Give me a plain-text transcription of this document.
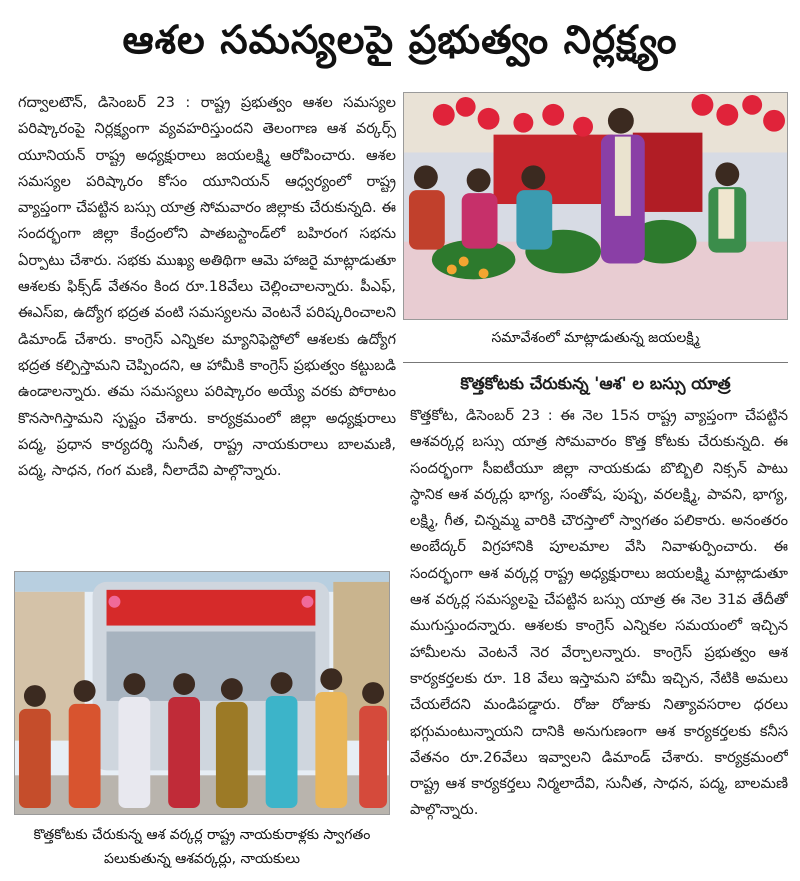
ఆశల సమస్యలపై ప్రభుత్వం నిర్లక్ష్యం
గద్వాలటౌన్, డిసెంబర్ 23 : రాష్ట్ర ప్రభుత్వం ఆశల సమస్యల పరిష్కారంపై నిర్లక్ష్యంగా వ్యవహరిస్తుందని తెలంగాణ ఆశ వర్కర్స్ యూనియన్ రాష్ట్ర అధ్యక్షురాలు జయలక్ష్మి ఆరోపించారు. ఆశల సమస్యల పరిష్కారం కోసం యూనియన్ ఆధ్వర్యంలో రాష్ట్ర వ్యాప్తంగా చేపట్టిన బస్సు యాత్ర సోమవారం జిల్లాకు చేరుకున్నది. ఈ సందర్భంగా జిల్లా కేంద్రంలోని పాతబస్టాండ్‌లో బహిరంగ సభను ఏర్పాటు చేశారు. సభకు ముఖ్య అతిథిగా ఆమె హాజరై మాట్లాడుతూ ఆశలకు ఫిక్స్‌డ్ వేతనం కింద రూ.18వేలు చెల్లించాలన్నారు. పీఎఫ్, ఈఎస్ఐ, ఉద్యోగ భద్రత వంటి సమస్యలను వెంటనే పరిష్కరించాలని డిమాండ్ చేశారు. కాంగ్రెస్ ఎన్నికల మ్యానిఫెస్టోలో ఆశలకు ఉద్యోగ భద్రత కల్పిస్తామని చెప్పిందని, ఆ హామీకి కాంగ్రెస్ ప్రభుత్వం కట్టుబడి ఉండాలన్నారు. తమ సమస్యలు పరిష్కారం అయ్యే వరకు పోరాటం కొనసాగిస్తామని స్పష్టం చేశారు. కార్యక్రమంలో జిల్లా అధ్యక్షురాలు పద్మ, ప్రధాన కార్యదర్శి సునీత, రాష్ట్ర నాయకురాలు బాలమణి, పద్మ, సాధన, గంగ మణి, నీలాదేవి పాల్గొన్నారు.
సమావేశంలో మాట్లాడుతున్న జయలక్ష్మి
కొత్తకోటకు చేరుకున్న 'ఆశ' ల బస్సు యాత్ర
కొత్తకోట, డిసెంబర్ 23 : ఈ నెల 15న రాష్ట్ర వ్యాప్తంగా చేపట్టిన ఆశవర్కర్ల బస్సు యాత్ర సోమవారం కొత్త కోటకు చేరుకున్నది. ఈ సందర్భంగా సీఐటీయూ జిల్లా నాయకుడు బొబ్బిలి నిక్సన్ పాటు స్థానిక ఆశ వర్కర్లు భాగ్య, సంతోష, పుష్ప, వరలక్ష్మి, పావని, భాగ్య, లక్ష్మి, గీత, చిన్నమ్మ వారికి చౌరస్తాలో స్వాగతం పలికారు. అనంతరం అంబేద్కర్ విగ్రహానికి పూలమాల వేసి నివాళుర్పించారు. ఈ సందర్భంగా ఆశ వర్కర్ల రాష్ట్ర అధ్యక్షురాలు జయలక్ష్మి మాట్లాడుతూ ఆశ వర్కర్ల సమస్యలపై చేపట్టిన బస్సు యాత్ర ఈ నెల 31వ తేదీతో ముగుస్తుందన్నారు. ఆశలకు కాంగ్రెస్ ఎన్నికల సమయంలో ఇచ్చిన హామీలను వెంటనే నెర వేర్చాలన్నారు. కాంగ్రెస్ ప్రభుత్వం ఆశ కార్యకర్తలకు రూ. 18 వేలు ఇస్తామని హామీ ఇచ్చిన, నేటికి అమలు చేయలేదని మండిపడ్డారు. రోజు రోజుకు నిత్యావసరాల ధరలు భగ్గుమంటున్నాయని దానికి అనుగుణంగా ఆశ కార్యకర్తలకు కనీస వేతనం రూ.26వేలు ఇవ్వాలని డిమాండ్ చేశారు. కార్యక్రమంలో రాష్ట్ర ఆశ కార్యకర్తలు నిర్మలాదేవి, సునీత, సాధన, పద్మ, బాలమణి పాల్గొన్నారు.
కొత్తకోటకు చేరుకున్న ఆశ వర్కర్ల రాష్ట్ర నాయకురాళ్లకు స్వాగతం పలుకుతున్న ఆశవర్కర్లు, నాయకులు
